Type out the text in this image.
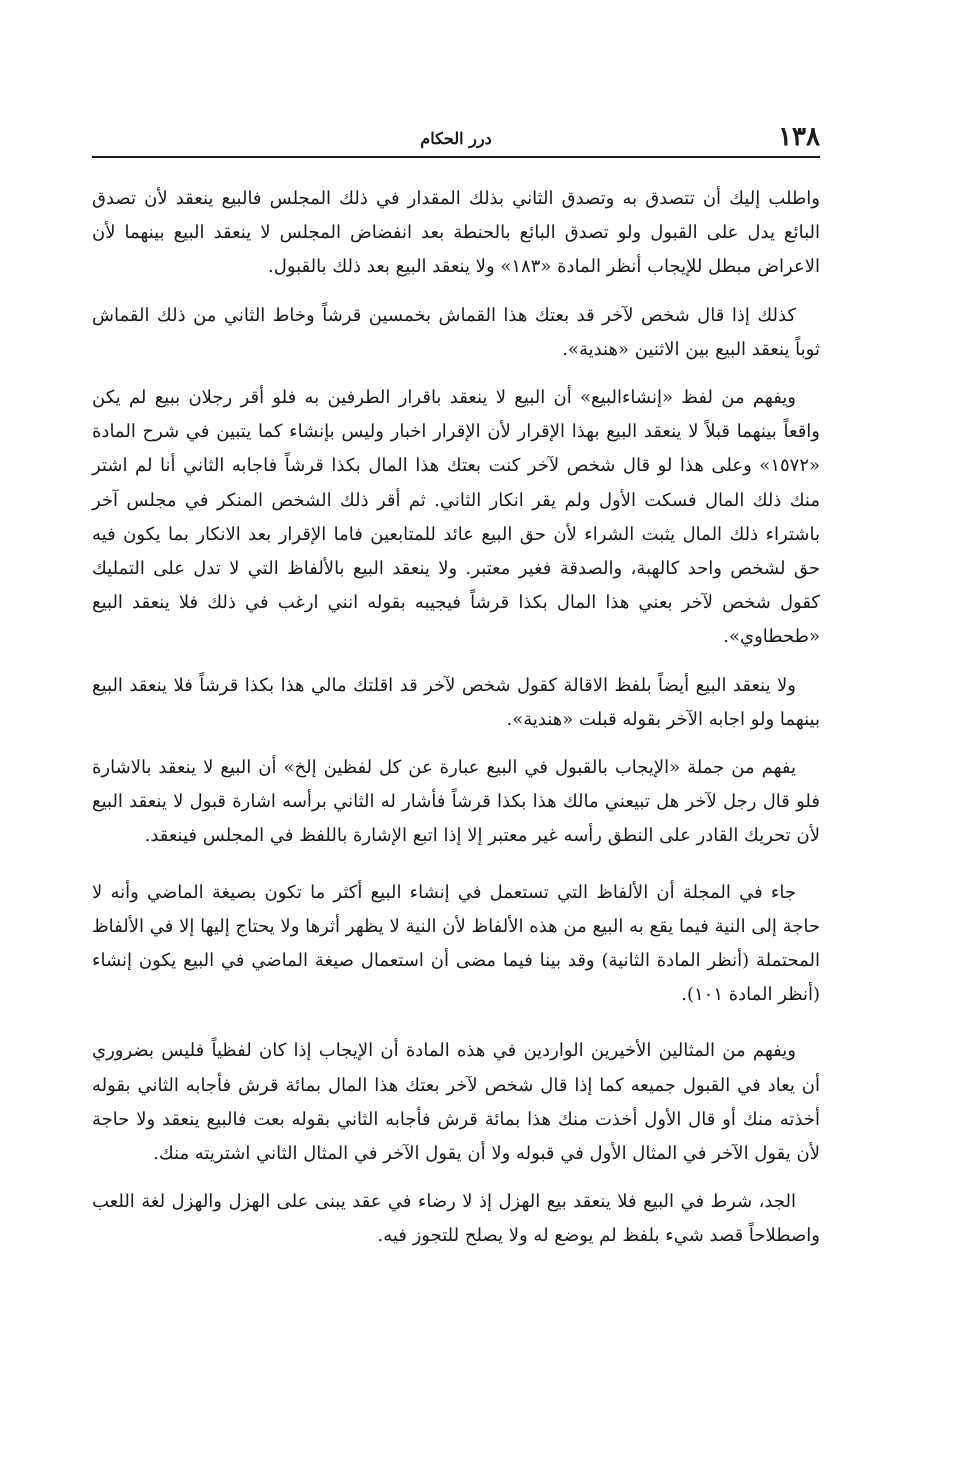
١٣٨
درر الحكام

واطلب إليك أن تتصدق به وتصدق الثاني بذلك المقدار في ذلك المجلس فالبيع ينعقد لأن تصدق البائع يدل على القبول ولو تصدق البائع بالحنطة بعد انفضاض المجلس لا ينعقد البيع بينهما لأن الاعراض مبطل للإيجاب أنظر المادة «١٨٣» ولا ينعقد البيع بعد ذلك بالقبول.

كذلك إذا قال شخص لآخر قد بعتك هذا القماش بخمسين قرشاً وخاط الثاني من ذلك القماش ثوباً ينعقد البيع بين الاثنين «هندية».

ويفهم من لفظ «إنشاءالبيع» أن البيع لا ينعقد باقرار الطرفين به فلو أقر رجلان ببيع لم يكن واقعاً بينهما قبلاً لا ينعقد البيع بهذا الإقرار لأن الإقرار اخبار وليس بإنشاء كما يتبين في شرح المادة «١٥٧٢» وعلى هذا لو قال شخص لآخر كنت بعتك هذا المال بكذا قرشاً فاجابه الثاني أنا لم اشتر منك ذلك المال فسكت الأول ولم يقر انكار الثاني. ثم أقر ذلك الشخص المنكر في مجلس آخر باشتراء ذلك المال يثبت الشراء لأن حق البيع عائد للمتابعين فاما الإقرار بعد الانكار بما يكون فيه حق لشخص واحد كالهبة، والصدقة فغير معتبر. ولا ينعقد البيع بالألفاظ التي لا تدل على التمليك كقول شخص لآخر بعني هذا المال بكذا قرشاً فيجيبه بقوله انني ارغب في ذلك فلا ينعقد البيع «طحطاوي».

ولا ينعقد البيع أيضاً بلفظ الاقالة كقول شخص لآخر قد اقلتك مالي هذا بكذا قرشاً فلا ينعقد البيع بينهما ولو اجابه الآخر بقوله قبلت «هندية».

يفهم من جملة «الإيجاب بالقبول في البيع عبارة عن كل لفظين إلخ» أن البيع لا ينعقد بالاشارة فلو قال رجل لآخر هل تبيعني مالك هذا بكذا قرشاً فأشار له الثاني برأسه اشارة قبول لا ينعقد البيع لأن تحريك القادر على النطق رأسه غير معتبر إلا إذا اتبع الإشارة باللفظ في المجلس فينعقد.

جاء في المجلة أن الألفاظ التي تستعمل في إنشاء البيع أكثر ما تكون بصيغة الماضي وأنه لا حاجة إلى النية فيما يقع به البيع من هذه الألفاظ لأن النية لا يظهر أثرها ولا يحتاج إليها إلا في الألفاظ المحتملة (أنظر المادة الثانية) وقد بينا فيما مضى أن استعمال صيغة الماضي في البيع يكون إنشاء (أنظر المادة ١٠١).

ويفهم من المثالين الأخيرين الواردين في هذه المادة أن الإيجاب إذا كان لفظياً فليس بضروري أن يعاد في القبول جميعه كما إذا قال شخص لآخر بعتك هذا المال بمائة قرش فأجابه الثاني بقوله أخذته منك أو قال الأول أخذت منك هذا بمائة قرش فأجابه الثاني بقوله بعت فالبيع ينعقد ولا حاجة لأن يقول الآخر في المثال الأول في قبوله ولا أن يقول الآخر في المثال الثاني اشتريته منك.

الجد، شرط في البيع فلا ينعقد بيع الهزل إذ لا رضاء في عقد يبنى على الهزل والهزل لغة اللعب واصطلاحاً قصد شيء بلفظ لم يوضع له ولا يصلح للتجوز فيه.
